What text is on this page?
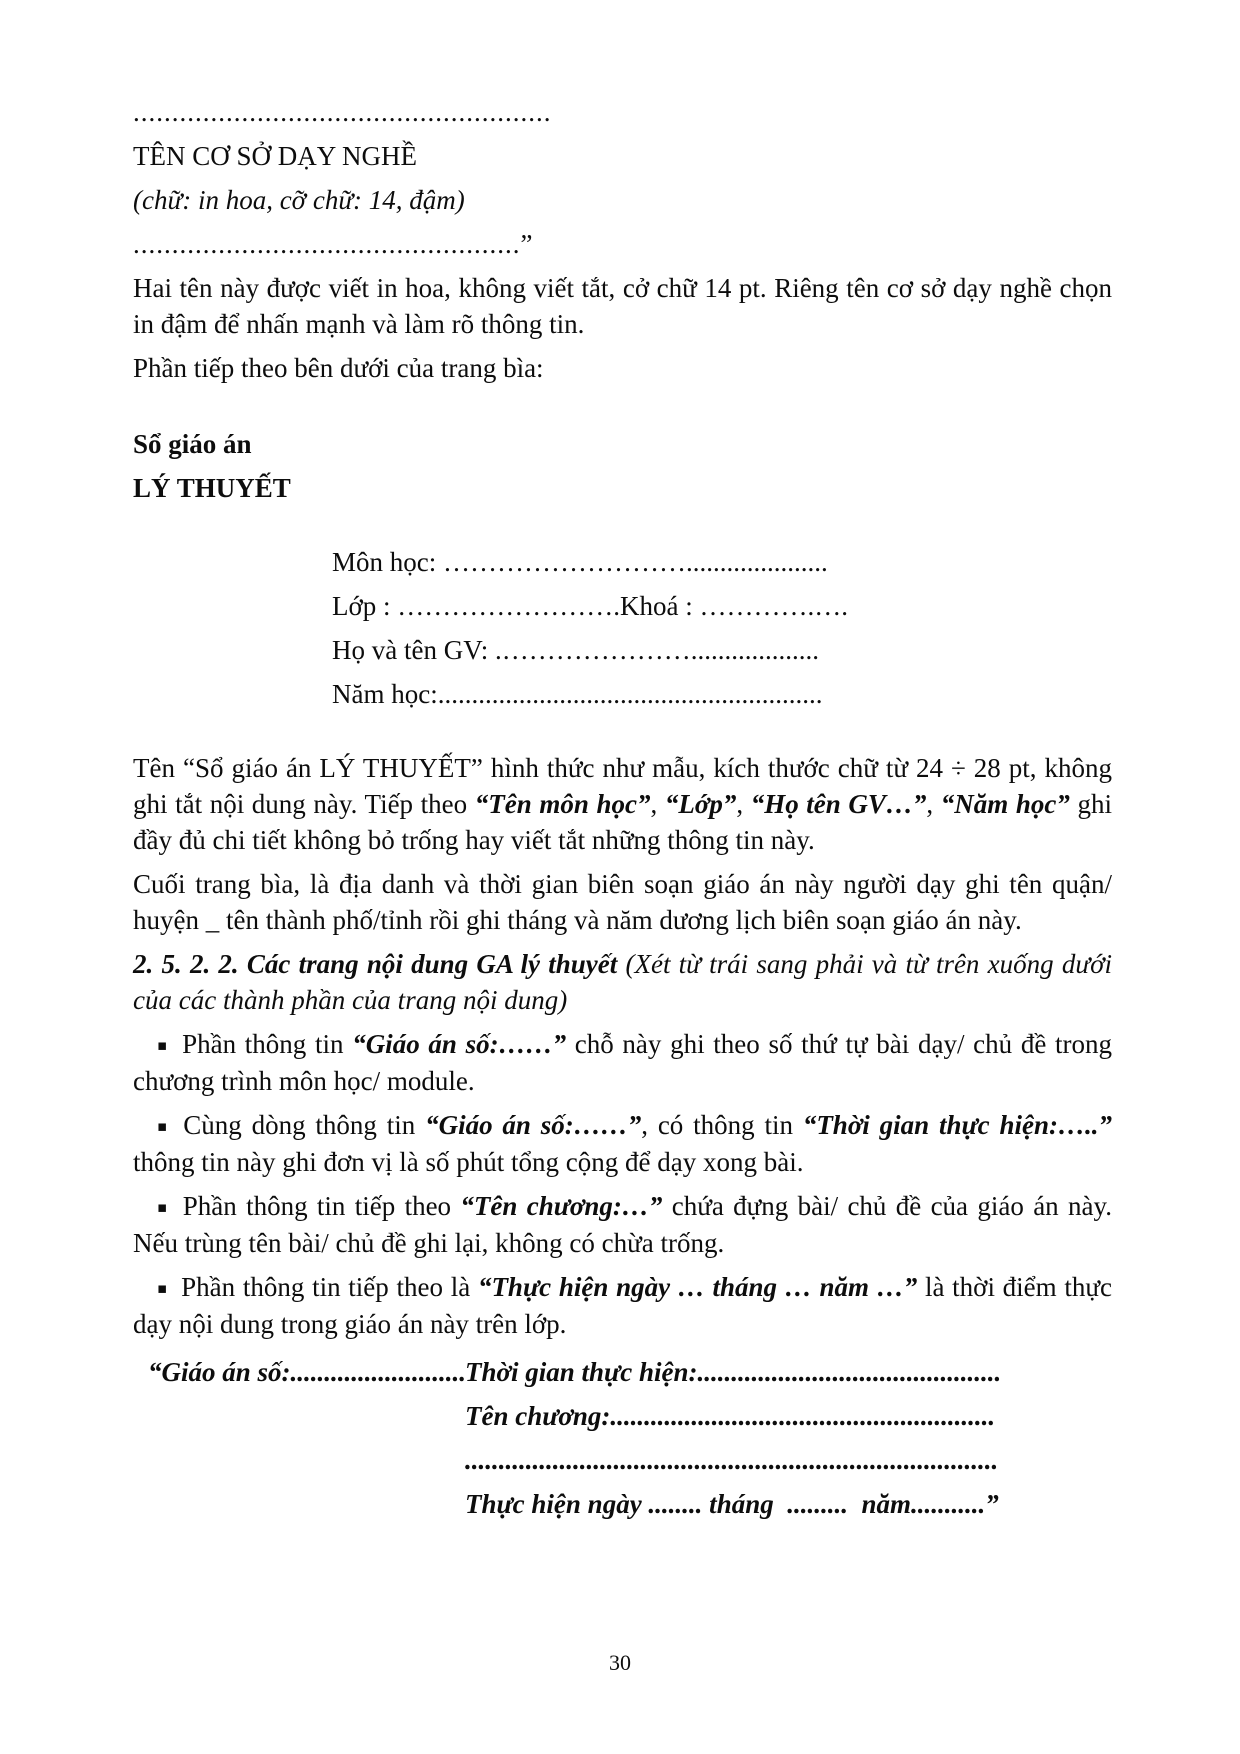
......................................................

TÊN CƠ SỞ DẠY NGHỀ

(chữ: in hoa, cỡ chữ: 14, đậm)

..................................................”

Hai tên này được viết in hoa, không viết tắt, cở chữ 14 pt. Riêng tên cơ sở dạy nghề chọn in đậm để nhấn mạnh và làm rõ thông tin.

Phần tiếp theo bên dưới của trang bìa:

Sổ giáo án

LÝ THUYẾT

Môn học: ……………………….....................
Lớp : …………………….Khoá : ………….….
Họ và tên GV: .…………………...................
Năm học:.........................................................

Tên “Sổ giáo án LÝ THUYẾT” hình thức như mẫu, kích thước chữ từ 24 ÷ 28 pt, không ghi tắt nội dung này. Tiếp theo “Tên môn học”, “Lớp”, “Họ tên GV…”, “Năm học” ghi đầy đủ chi tiết không bỏ trống hay viết tắt những thông tin này.

Cuối trang bìa, là địa danh và thời gian biên soạn giáo án này người dạy ghi tên quận/ huyện _ tên thành phố/tỉnh rồi ghi tháng và năm dương lịch biên soạn giáo án này.

2. 5. 2. 2. Các trang nội dung GA lý thuyết (Xét từ trái sang phải và từ trên xuống dưới của các thành phần của trang nội dung)

▪ Phần thông tin “Giáo án số:……” chỗ này ghi theo số thứ tự bài dạy/ chủ đề trong chương trình môn học/ module.

▪ Cùng dòng thông tin “Giáo án số:……”, có thông tin “Thời gian thực hiện:…..” thông tin này ghi đơn vị là số phút tổng cộng để dạy xong bài.

▪ Phần thông tin tiếp theo “Tên chương:…” chứa đựng bài/ chủ đề của giáo án này. Nếu trùng tên bài/ chủ đề ghi lại, không có chừa trống.

▪ Phần thông tin tiếp theo là “Thực hiện ngày … tháng … năm …” là thời điểm thực dạy nội dung trong giáo án này trên lớp.

“Giáo án số:..........................
Thời gian thực hiện:.............................................
Tên chương:.........................................................
...............................................................................
Thực hiện ngày ........ tháng  .........  năm...........”
30
